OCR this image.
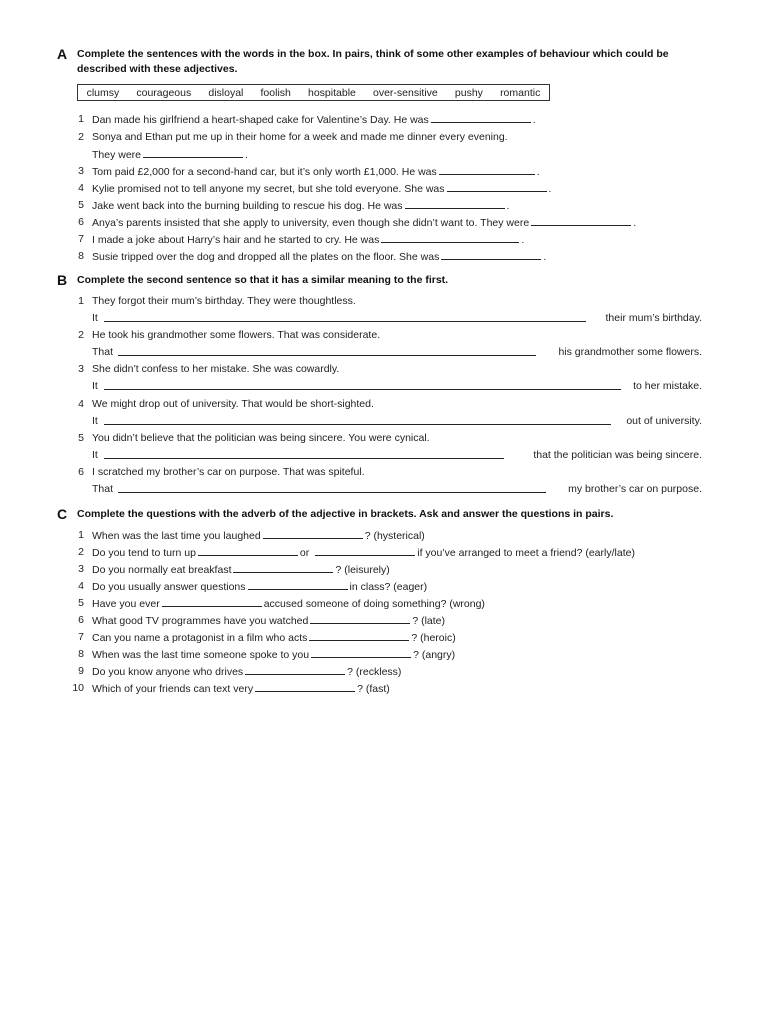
A Complete the sentences with the words in the box. In pairs, think of some other examples of behaviour which could be described with these adjectives.
clumsy courageous disloyal foolish hospitable over-sensitive pushy romantic
1 Dan made his girlfriend a heart-shaped cake for Valentine’s Day. He was	.
2 Sonya and Ethan put me up in their home for a week and made me dinner every evening.
They were	.
3 Tom paid £2,000 for a second-hand car, but it’s only worth £1,000. He was	.
4 Kylie promised not to tell anyone my secret, but she told everyone. She was	.
5 Jake went back into the burning building to rescue his dog. He was	.
6 Anya’s parents insisted that she apply to university, even though she didn’t want to. They were	.
7 I made a joke about Harry’s hair and he started to cry. He was	.
8 Susie tripped over the dog and dropped all the plates on the floor. She was	.
B Complete the second sentence so that it has a similar meaning to the first.
1 They forgot their mum’s birthday. They were thoughtless.
It	their mum’s birthday.
2 He took his grandmother some flowers. That was considerate.
That	his grandmother some flowers.
3 She didn’t confess to her mistake. She was cowardly.
It	to her mistake.
4 We might drop out of university. That would be short-sighted.
It	out of university.
5 You didn’t believe that the politician was being sincere. You were cynical.
It	that the politician was being sincere.
6 I scratched my brother’s car on purpose. That was spiteful.
That	my brother’s car on purpose.
C Complete the questions with the adverb of the adjective in brackets. Ask and answer the questions in pairs.
1 When was the last time you laughed	? (hysterical)
2 Do you tend to turn up	or	if you’ve arranged to meet a friend? (early/late)
3 Do you normally eat breakfast	? (leisurely)
4 Do you usually answer questions	in class? (eager)
5 Have you ever	accused someone of doing something? (wrong)
6 What good TV programmes have you watched	? (late)
7 Can you name a protagonist in a film who acts	? (heroic)
8 When was the last time someone spoke to you	? (angry)
9 Do you know anyone who drives	? (reckless)
10 Which of your friends can text very	? (fast)
